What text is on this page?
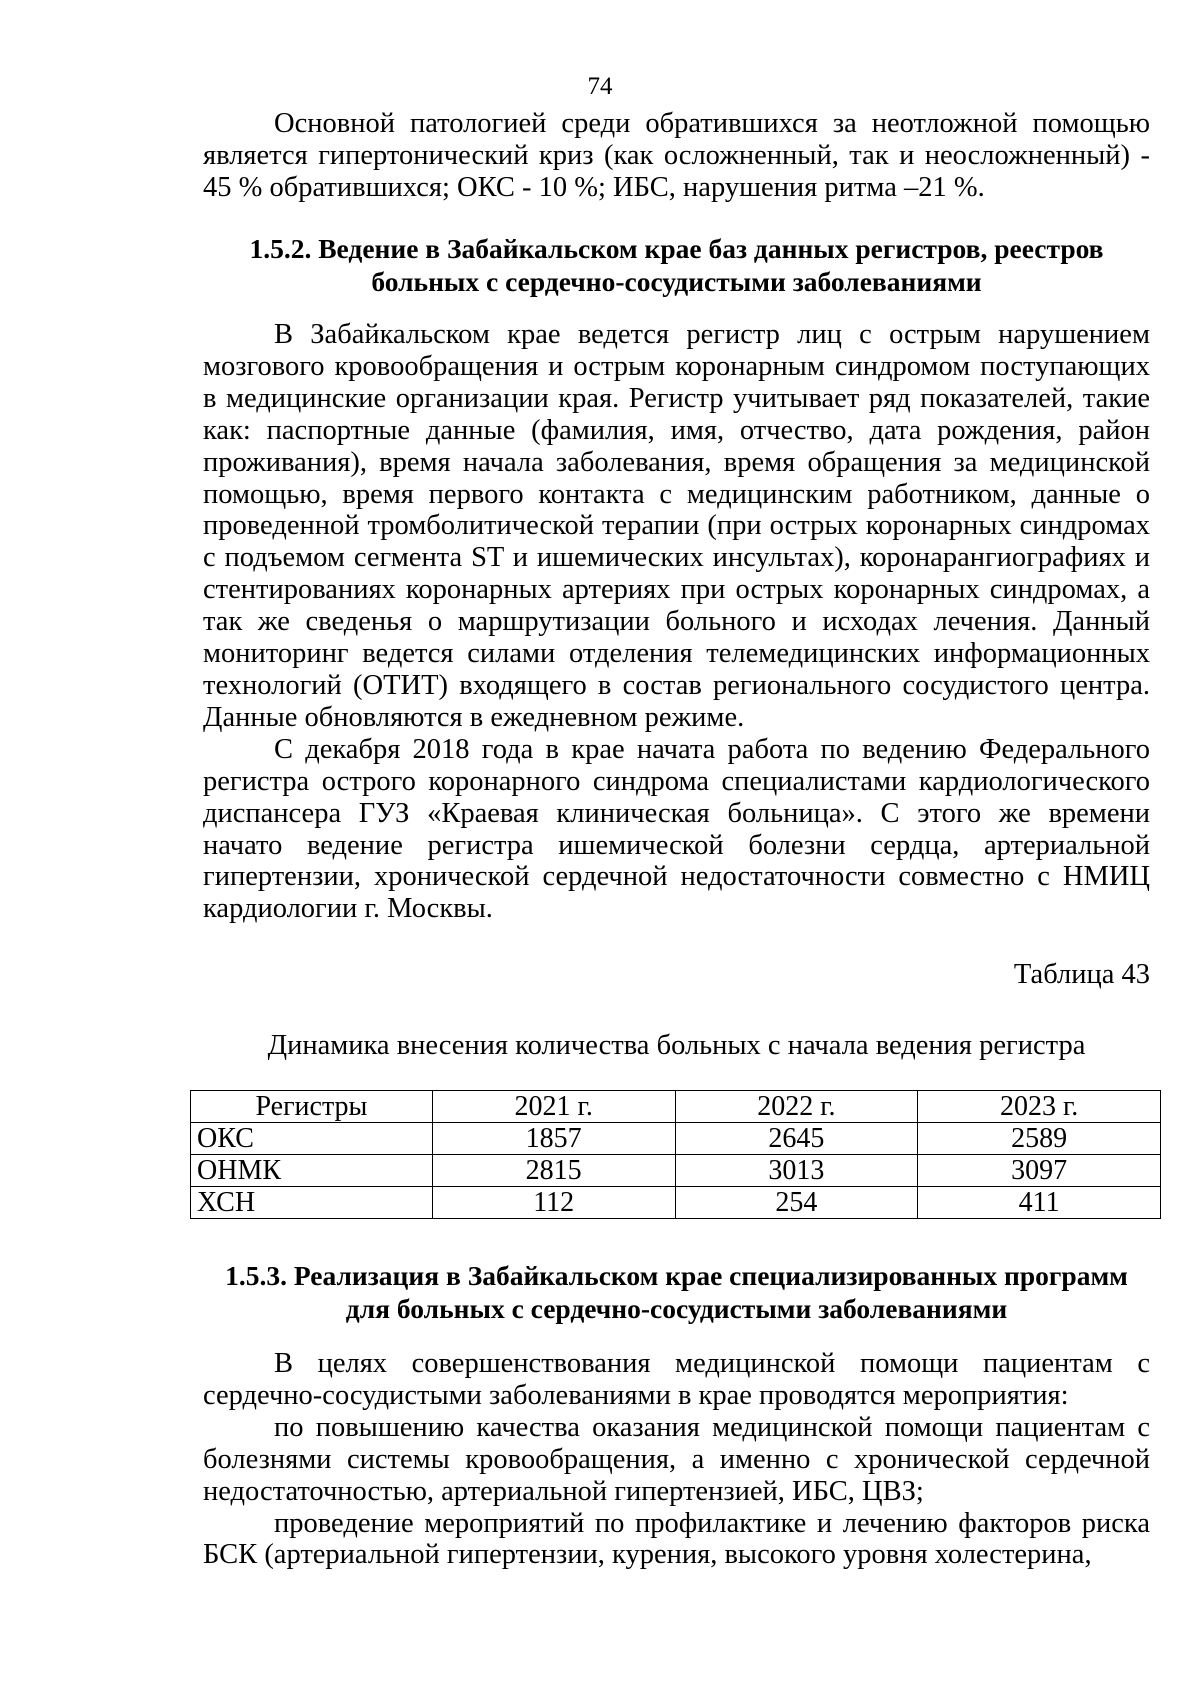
74

Основной патологией среди обратившихся за неотложной помощью является гипертонический криз (как осложненный, так и неосложненный) - 45 % обратившихся; ОКС - 10 %; ИБС, нарушения ритма –21 %.

1.5.2. Ведение в Забайкальском крае баз данных регистров, реестров
больных с сердечно-сосудистыми заболеваниями

В Забайкальском крае ведется регистр лиц с острым нарушением мозгового кровообращения и острым коронарным синдромом поступающих в медицинские организации края. Регистр учитывает ряд показателей, такие как: паспортные данные (фамилия, имя, отчество, дата рождения, район проживания), время начала заболевания, время обращения за медицинской помощью, время первого контакта с медицинским работником, данные о проведенной тромболитической терапии (при острых коронарных синдромах с подъемом сегмента ST и ишемических инсультах), коронарангиографиях и стентированиях коронарных артериях при острых коронарных синдромах, а так же сведенья о маршрутизации больного и исходах лечения. Данный мониторинг ведется силами отделения телемедицинских информационных технологий (ОТИТ) входящего в состав регионального сосудистого центра. Данные обновляются в ежедневном режиме.

С декабря 2018 года в крае начата работа по ведению Федерального регистра острого коронарного синдрома специалистами кардиологического диспансера ГУЗ «Краевая клиническая больница». С этого же времени начато ведение регистра ишемической болезни сердца, артериальной гипертензии, хронической сердечной недостаточности совместно с НМИЦ кардиологии г. Москвы.

Таблица 43
Динамика внесения количества больных с начала ведения регистра
Регистры	2021 г.	2022 г.	2023 г.
ОКС	1857	2645	2589
ОНМК	2815	3013	3097
ХСН	112	254	411
1.5.3. Реализация в Забайкальском крае специализированных программ
для больных с сердечно-сосудистыми заболеваниями

В целях совершенствования медицинской помощи пациентам с сердечно-сосудистыми заболеваниями в крае проводятся мероприятия:

по повышению качества оказания медицинской помощи пациентам с болезнями системы кровообращения, а именно с хронической сердечной недостаточностью, артериальной гипертензией, ИБС, ЦВЗ;

проведение мероприятий по профилактике и лечению факторов риска БСК (артериальной гипертензии, курения, высокого уровня холестерина,
